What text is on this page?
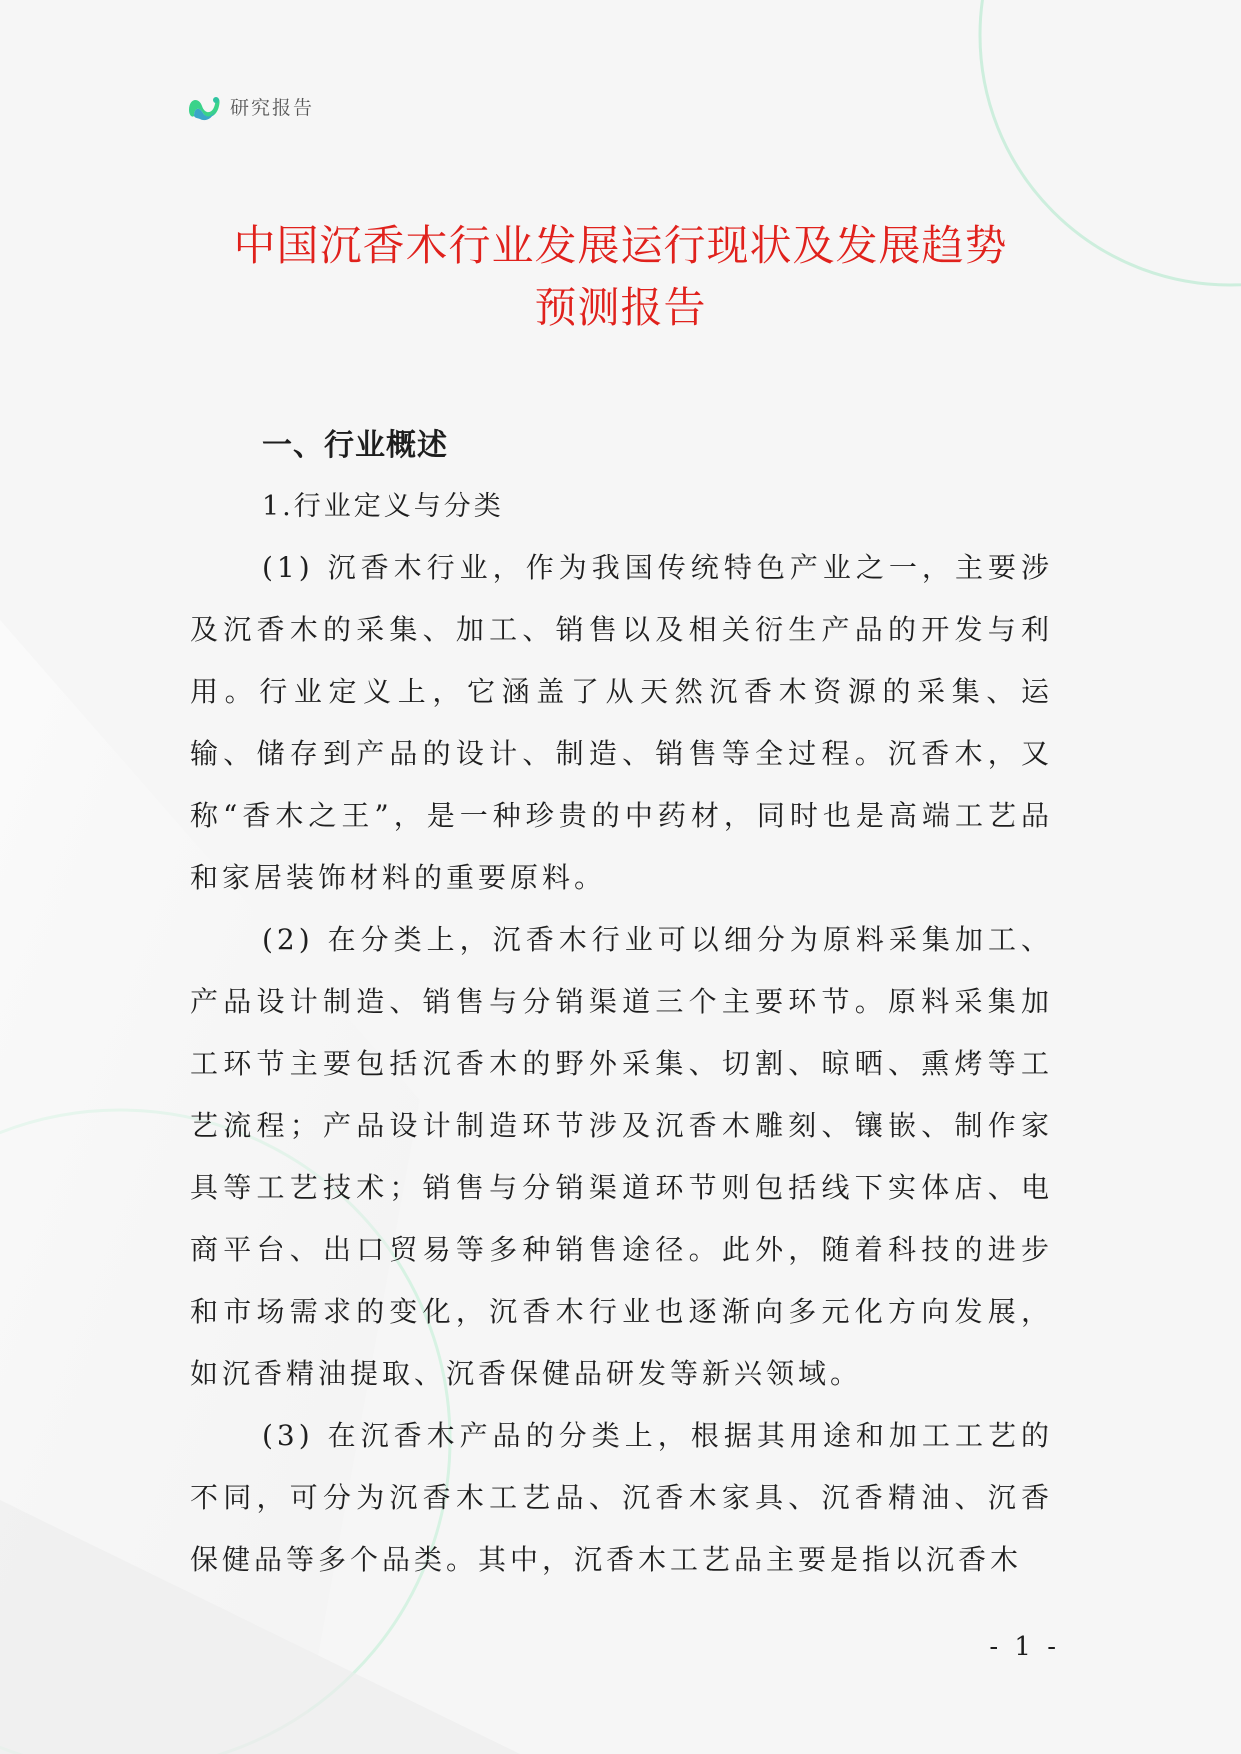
研究报告
中国沉香木行业发展运行现状及发展趋势
预测报告
一、行业概述
1.行业定义与分类

(1) 沉香木行业，作为我国传统特色产业之一，主要涉及沉香木的采集、加工、销售以及相关衍生产品的开发与利用。行业定义上，它涵盖了从天然沉香木资源的采集、运输、储存到产品的设计、制造、销售等全过程。沉香木，又称“香木之王”，是一种珍贵的中药材，同时也是高端工艺品和家居装饰材料的重要原料。

(2) 在分类上，沉香木行业可以细分为原料采集加工、产品设计制造、销售与分销渠道三个主要环节。原料采集加工环节主要包括沉香木的野外采集、切割、晾晒、熏烤等工艺流程；产品设计制造环节涉及沉香木雕刻、镶嵌、制作家具等工艺技术；销售与分销渠道环节则包括线下实体店、电商平台、出口贸易等多种销售途径。此外，随着科技的进步和市场需求的变化，沉香木行业也逐渐向多元化方向发展，如沉香精油提取、沉香保健品研发等新兴领域。

(3) 在沉香木产品的分类上，根据其用途和加工工艺的不同，可分为沉香木工艺品、沉香木家具、沉香精油、沉香保健品等多个品类。其中，沉香木工艺品主要是指以沉香木

- 1 -
